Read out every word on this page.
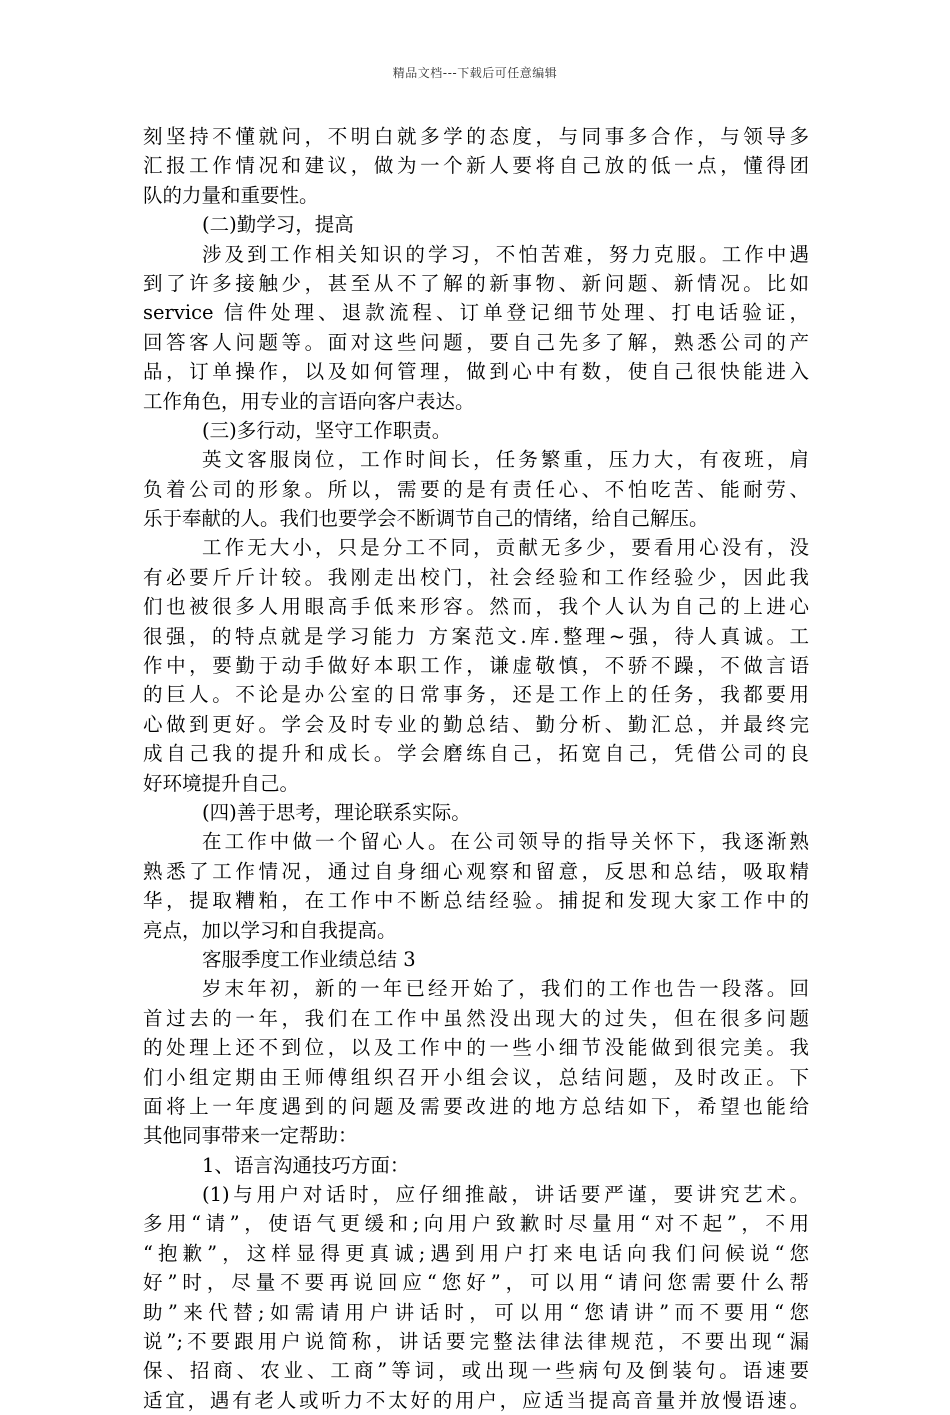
精品文档---下载后可任意编辑
刻坚持不懂就问，不明白就多学的态度，与同事多合作，与领导多
汇报工作情况和建议，做为一个新人要将自己放的低一点，懂得团
队的力量和重要性。
(二)勤学习，提高
涉及到工作相关知识的学习，不怕苦难，努力克服。工作中遇
到了许多接触少，甚至从不了解的新事物、新问题、新情况。比如
service 信件处理、退款流程、订单登记细节处理、打电话验证，
回答客人问题等。面对这些问题，要自己先多了解，熟悉公司的产
品，订单操作，以及如何管理，做到心中有数，使自己很快能进入
工作角色，用专业的言语向客户表达。
(三)多行动，坚守工作职责。
英文客服岗位，工作时间长，任务繁重，压力大，有夜班，肩
负着公司的形象。所以，需要的是有责任心、不怕吃苦、能耐劳、
乐于奉献的人。我们也要学会不断调节自己的情绪，给自己解压。
工作无大小，只是分工不同，贡献无多少，要看用心没有，没
有必要斤斤计较。我刚走出校门，社会经验和工作经验少，因此我
们也被很多人用眼高手低来形容。然而，我个人认为自己的上进心
很强，的特点就是学习能力 方案范文.库.整理~强，待人真诚。工
作中，要勤于动手做好本职工作，谦虚敬慎，不骄不躁，不做言语
的巨人。不论是办公室的日常事务，还是工作上的任务，我都要用
心做到更好。学会及时专业的勤总结、勤分析、勤汇总，并最终完
成自己我的提升和成长。学会磨练自己，拓宽自己，凭借公司的良
好环境提升自己。
(四)善于思考，理论联系实际。
在工作中做一个留心人。在公司领导的指导关怀下，我逐渐熟
熟悉了工作情况，通过自身细心观察和留意，反思和总结，吸取精
华，提取糟粕，在工作中不断总结经验。捕捉和发现大家工作中的
亮点，加以学习和自我提高。
客服季度工作业绩总结 3
岁末年初，新的一年已经开始了，我们的工作也告一段落。回
首过去的一年，我们在工作中虽然没出现大的过失，但在很多问题
的处理上还不到位，以及工作中的一些小细节没能做到很完美。我
们小组定期由王师傅组织召开小组会议，总结问题，及时改正。下
面将上一年度遇到的问题及需要改进的地方总结如下，希望也能给
其他同事带来一定帮助：
1、语言沟通技巧方面：
(1)与用户对话时，应仔细推敲，讲话要严谨，要讲究艺术。
多用“请”，使语气更缓和;向用户致歉时尽量用“对不起”，不用
“抱歉”，这样显得更真诚;遇到用户打来电话向我们问候说“您
好”时，尽量不要再说回应“您好”，可以用“请问您需要什么帮
助”来代替;如需请用户讲话时，可以用“您请讲”而不要用“您
说”;不要跟用户说简称，讲话要完整法律法律规范，不要出现“漏
保、招商、农业、工商”等词，或出现一些病句及倒装句。语速要
适宜，遇有老人或听力不太好的用户，应适当提高音量并放慢语速。
